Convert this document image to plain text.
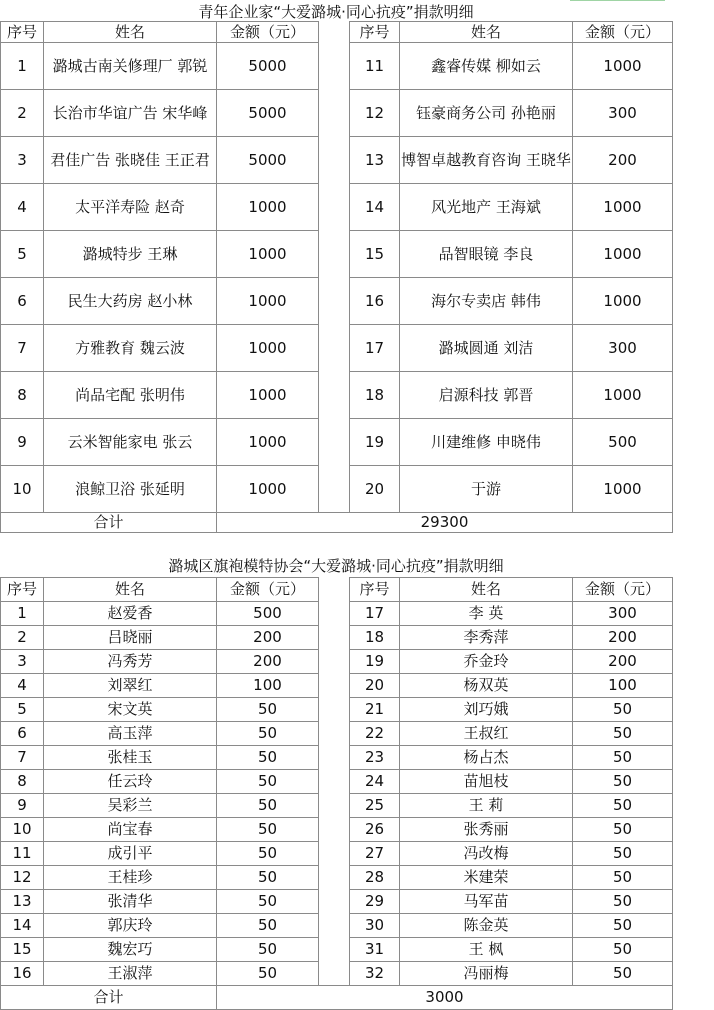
青年企业家“大爱潞城·同心抗疫”捐款明细
序号	姓名	金额（元）		序号	姓名	金额（元）
1	潞城古南关修理厂 郭锐	5000		11	鑫睿传媒 柳如云	1000
2	长治市华谊广告 宋华峰	5000		12	钰豪商务公司 孙艳丽	300
3	君佳广告 张晓佳 王正君	5000		13	博智卓越教育咨询 王晓华	200
4	太平洋寿险 赵奇	1000		14	风光地产 王海斌	1000
5	潞城特步 王琳	1000		15	品智眼镜 李良	1000
6	民生大药房 赵小林	1000		16	海尔专卖店 韩伟	1000
7	方雅教育 魏云波	1000		17	潞城圆通 刘洁	300
8	尚品宅配 张明伟	1000		18	启源科技 郭晋	1000
9	云米智能家电 张云	1000		19	川建维修 申晓伟	500
10	浪鲸卫浴 张延明	1000		20	于游	1000
合计		29300				
潞城区旗袍模特协会“大爱潞城·同心抗疫”捐款明细
序号	姓名	金额（元）		序号	姓名	金额（元）
1	赵爱香	500		17	李 英	300
2	吕晓丽	200		18	李秀萍	200
3	冯秀芳	200		19	乔金玲	200
4	刘翠红	100		20	杨双英	100
5	宋文英	50		21	刘巧娥	50
6	高玉萍	50		22	王叔红	50
7	张桂玉	50		23	杨占杰	50
8	任云玲	50		24	苗旭枝	50
9	吴彩兰	50		25	王 莉	50
10	尚宝春	50		26	张秀丽	50
11	成引平	50		27	冯改梅	50
12	王桂珍	50		28	米建荣	50
13	张清华	50		29	马军苗	50
14	郭庆玲	50		30	陈金英	50
15	魏宏巧	50		31	王 枫	50
16	王淑萍	50		32	冯丽梅	50
合计		3000				
